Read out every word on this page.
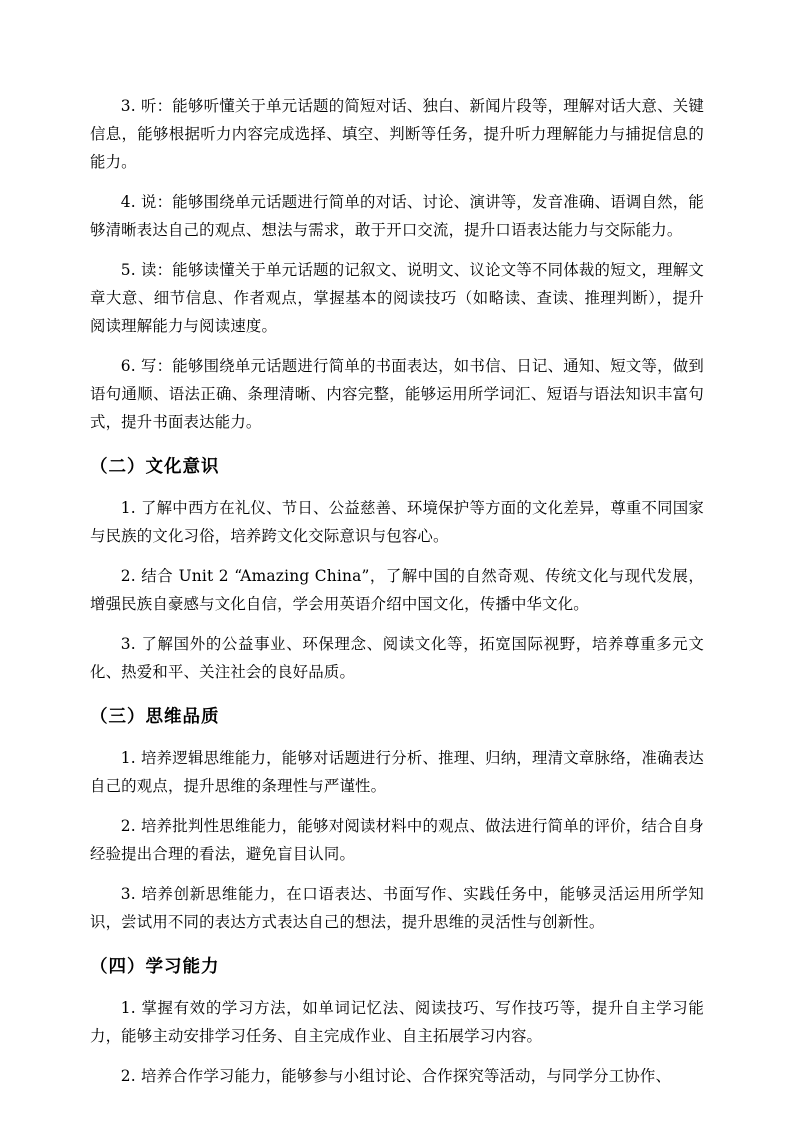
3. 听：能够听懂关于单元话题的简短对话、独白、新闻片段等，理解对话大意、关键信息，能够根据听力内容完成选择、填空、判断等任务，提升听力理解能力与捕捉信息的能力。

4. 说：能够围绕单元话题进行简单的对话、讨论、演讲等，发音准确、语调自然，能够清晰表达自己的观点、想法与需求，敢于开口交流，提升口语表达能力与交际能力。

5. 读：能够读懂关于单元话题的记叙文、说明文、议论文等不同体裁的短文，理解文章大意、细节信息、作者观点，掌握基本的阅读技巧（如略读、查读、推理判断），提升阅读理解能力与阅读速度。

6. 写：能够围绕单元话题进行简单的书面表达，如书信、日记、通知、短文等，做到语句通顺、语法正确、条理清晰、内容完整，能够运用所学词汇、短语与语法知识丰富句式，提升书面表达能力。

（二）文化意识

1. 了解中西方在礼仪、节日、公益慈善、环境保护等方面的文化差异，尊重不同国家与民族的文化习俗，培养跨文化交际意识与包容心。

2. 结合 Unit 2 “Amazing China”，了解中国的自然奇观、传统文化与现代发展，增强民族自豪感与文化自信，学会用英语介绍中国文化，传播中华文化。

3. 了解国外的公益事业、环保理念、阅读文化等，拓宽国际视野，培养尊重多元文化、热爱和平、关注社会的良好品质。

（三）思维品质

1. 培养逻辑思维能力，能够对话题进行分析、推理、归纳，理清文章脉络，准确表达自己的观点，提升思维的条理性与严谨性。

2. 培养批判性思维能力，能够对阅读材料中的观点、做法进行简单的评价，结合自身经验提出合理的看法，避免盲目认同。

3. 培养创新思维能力，在口语表达、书面写作、实践任务中，能够灵活运用所学知识，尝试用不同的表达方式表达自己的想法，提升思维的灵活性与创新性。

（四）学习能力

1. 掌握有效的学习方法，如单词记忆法、阅读技巧、写作技巧等，提升自主学习能力，能够主动安排学习任务、自主完成作业、自主拓展学习内容。

2. 培养合作学习能力，能够参与小组讨论、合作探究等活动，与同学分工协作、
